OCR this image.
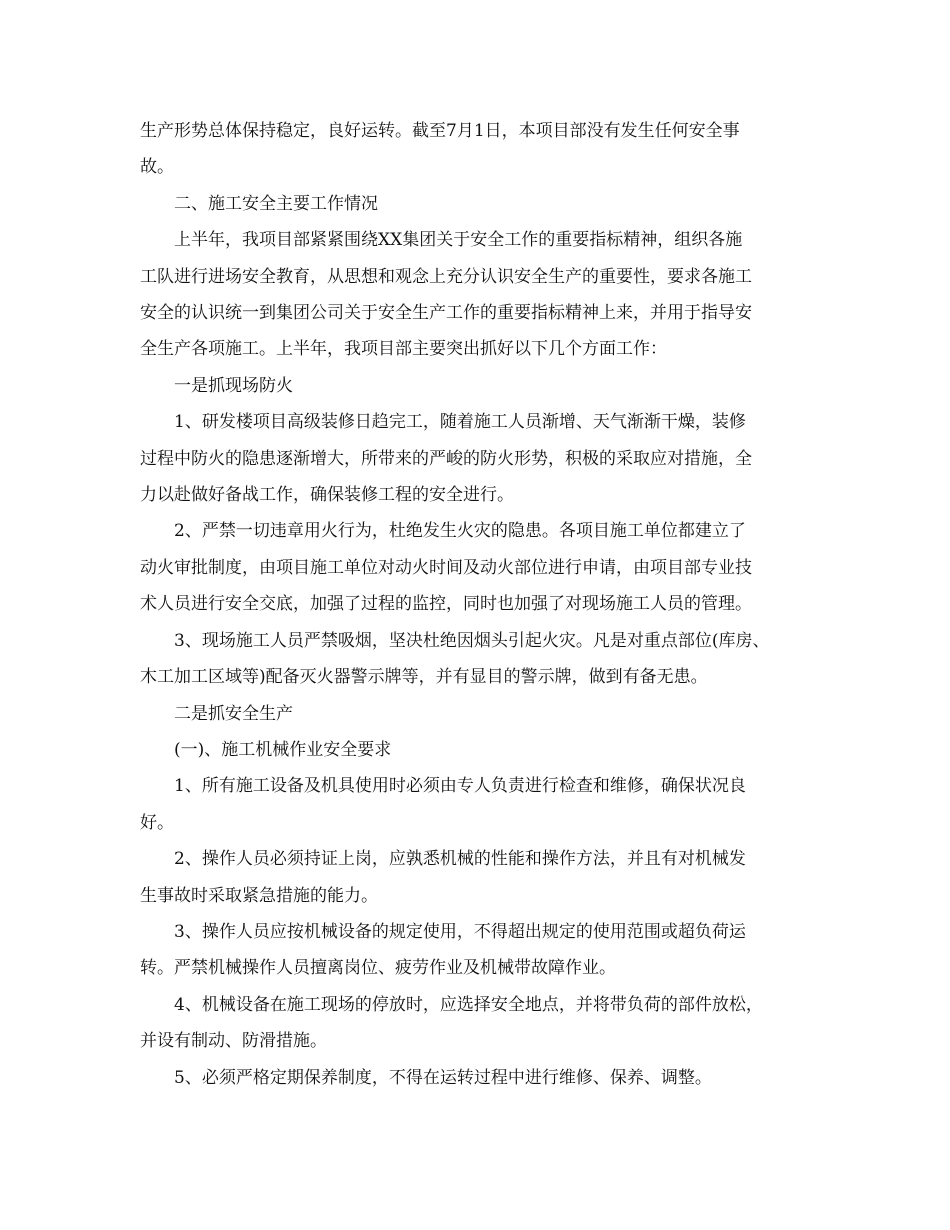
生产形势总体保持稳定，良好运转。截至7月1日，本项目部没有发生任何安全事
故。
　　二、施工安全主要工作情况
　　上半年，我项目部紧紧围绕XX集团关于安全工作的重要指标精神，组织各施
工队进行进场安全教育，从思想和观念上充分认识安全生产的重要性，要求各施工
安全的认识统一到集团公司关于安全生产工作的重要指标精神上来，并用于指导安
全生产各项施工。上半年，我项目部主要突出抓好以下几个方面工作：
　　一是抓现场防火
　　1、研发楼项目高级装修日趋完工，随着施工人员渐增、天气渐渐干燥，装修
过程中防火的隐患逐渐增大，所带来的严峻的防火形势，积极的采取应对措施，全
力以赴做好备战工作，确保装修工程的安全进行。
　　2、严禁一切违章用火行为，杜绝发生火灾的隐患。各项目施工单位都建立了
动火审批制度，由项目施工单位对动火时间及动火部位进行申请，由项目部专业技
术人员进行安全交底，加强了过程的监控，同时也加强了对现场施工人员的管理。
　　3、现场施工人员严禁吸烟，坚决杜绝因烟头引起火灾。凡是对重点部位(库房、
木工加工区域等)配备灭火器警示牌等，并有显目的警示牌，做到有备无患。
　　二是抓安全生产
　　(一)、施工机械作业安全要求
　　1、所有施工设备及机具使用时必须由专人负责进行检查和维修，确保状况良
好。
　　2、操作人员必须持证上岗，应孰悉机械的性能和操作方法，并且有对机械发
生事故时采取紧急措施的能力。
　　3、操作人员应按机械设备的规定使用，不得超出规定的使用范围或超负荷运
转。严禁机械操作人员擅离岗位、疲劳作业及机械带故障作业。
　　4、机械设备在施工现场的停放时，应选择安全地点，并将带负荷的部件放松，
并设有制动、防滑措施。
　　5、必须严格定期保养制度，不得在运转过程中进行维修、保养、调整。
